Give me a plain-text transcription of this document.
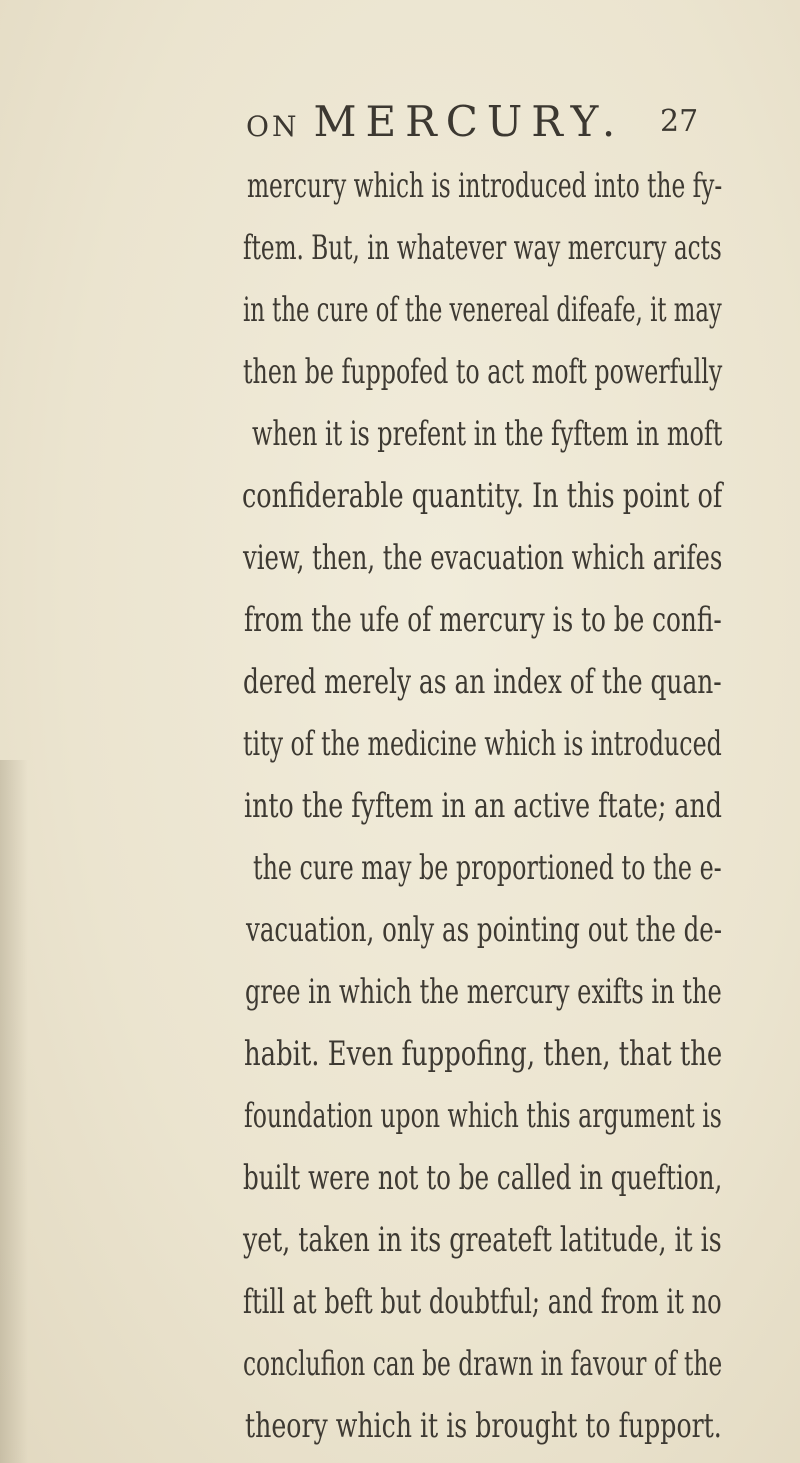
ON MERCURY. 27
mercury which is introduced into the fy-
ftem. But, in whatever way mercury acts
in the cure of the venereal difeafe, it may
then be fuppofed to act moft powerfully
when it is prefent in the fyftem in moft
confiderable quantity. In this point of
view, then, the evacuation which arifes
from the ufe of mercury is to be confi-
dered merely as an index of the quan-
tity of the medicine which is introduced
into the fyftem in an active ftate; and
the cure may be proportioned to the e-
vacuation, only as pointing out the de-
gree in which the mercury exifts in the
habit. Even fuppofing, then, that the
foundation upon which this argument is
built were not to be called in queftion,
yet, taken in its greateft latitude, it is
ftill at beft but doubtful; and from it no
conclufion can be drawn in favour of the
theory which it is brought to fupport.
